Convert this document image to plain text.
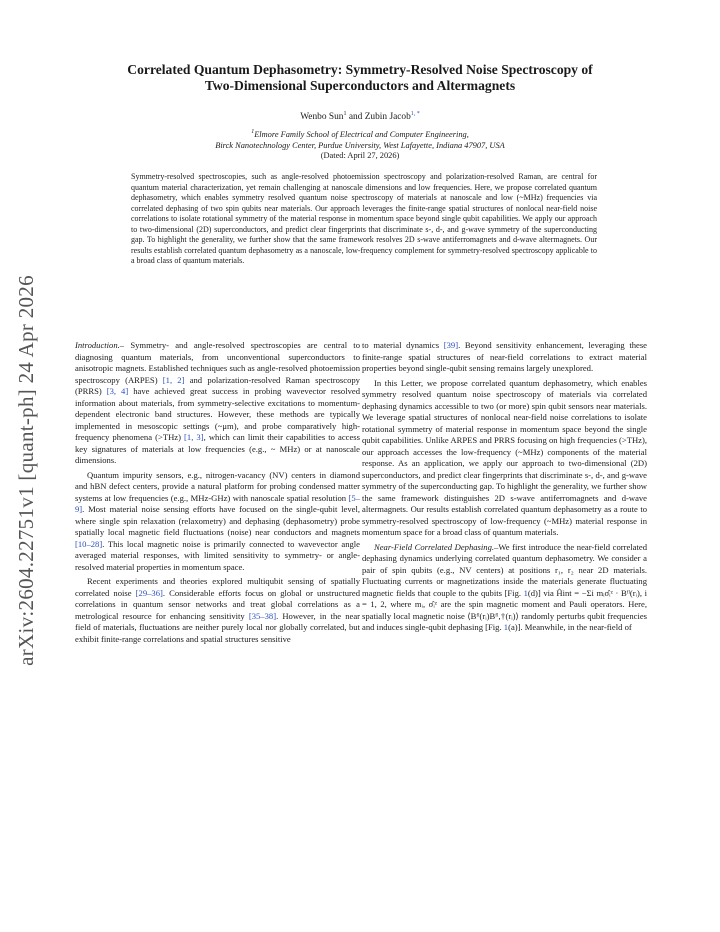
arXiv:2604.22751v1 [quant-ph] 24 Apr 2026
Correlated Quantum Dephasometry: Symmetry-Resolved Noise Spectroscopy of
Two-Dimensional Superconductors and Altermagnets
Wenbo Sun$^1$ and Zubin Jacob$^{1, *}$
$^1$Elmore Family School of Electrical and Computer Engineering,
Birck Nanotechnology Center, Purdue University, West Lafayette, Indiana 47907, USA
(Dated: April 27, 2026)
Symmetry-resolved spectroscopies, such as angle-resolved photoemission spectroscopy and polarization-resolved Raman, are central for quantum material characterization, yet remain challenging at nanoscale dimensions and low frequencies. Here, we propose correlated quantum dephasometry, which enables symmetry resolved quantum noise spectroscopy of materials at nanoscale and low (~MHz) frequencies via correlated dephasing of two spin qubits near materials. Our approach leverages the finite-range spatial structures of nonlocal near-field noise correlations to isolate rotational symmetry of the material response in momentum space beyond single qubit capabilities. We apply our approach to two-dimensional (2D) superconductors, and predict clear fingerprints that discriminate s-, d-, and g-wave symmetry of the superconducting gap. To highlight the generality, we further show that the same framework resolves 2D s-wave antiferromagnets and d-wave altermagnets. Our results establish correlated quantum dephasometry as a nanoscale, low-frequency complement for symmetry-resolved spectroscopy applicable to a broad class of quantum materials.

Introduction.– Symmetry- and angle-resolved spectroscopies are central to diagnosing quantum materials, from unconventional superconductors to anisotropic magnets. Established techniques such as angle-resolved photoemission spectroscopy (ARPES) [1, 2] and polarization-resolved Raman spectroscopy (PRRS) [3, 4] have achieved great success in probing wavevector resolved information about materials, from symmetry-selective excitations to momentum-dependent electronic band structures. However, these methods are typically implemented in mesoscopic settings (~μm), and probe comparatively high-frequency phenomena (>THz) [1, 3], which can limit their capabilities to access key signatures of materials at low frequencies (e.g., ~ MHz) or at nanoscale dimensions.

Quantum impurity sensors, e.g., nitrogen-vacancy (NV) centers in diamond and hBN defect centers, provide a natural platform for probing condensed matter systems at low frequencies (e.g., MHz-GHz) with nanoscale spatial resolution [5–9]. Most material noise sensing efforts have focused on the single-qubit level, where single spin relaxation (relaxometry) and dephasing (dephasometry) probe spatially local magnetic field fluctuations (noise) near conductors and magnets [10–28]. This local magnetic noise is primarily connected to wavevector angle averaged material responses, with limited sensitivity to symmetry- or angle-resolved material properties in momentum space.

Recent experiments and theories explored multiqubit sensing of spatially correlated noise [29–36]. Considerable efforts focus on global or unstructured correlations in quantum sensor networks and treat global correlations as a metrological resource for enhancing sensitivity [35–38]. However, in the near field of materials, fluctuations are neither purely local nor globally correlated, but exhibit finite-range correlations and spatial structures sensitive

to material dynamics [39]. Beyond sensitivity enhancement, leveraging these finite-range spatial structures of near-field correlations to extract material properties beyond single-qubit sensing remains largely unexplored.

In this Letter, we propose correlated quantum dephasometry, which enables symmetry resolved quantum noise spectroscopy of materials via correlated dephasing dynamics accessible to two (or more) spin qubit sensors near materials. We leverage spatial structures of nonlocal near-field noise correlations to isolate rotational symmetry of material response in momentum space beyond the single qubit capabilities. Unlike ARPES and PRRS focusing on high frequencies (>THz), our approach accesses the low-frequency (~MHz) components of the material response. As an application, we apply our approach to two-dimensional (2D) superconductors, and predict clear fingerprints that discriminate s-, d-, and g-wave symmetry of the superconducting gap. To highlight the generality, we further show the same framework distinguishes 2D s-wave antiferromagnets and d-wave altermagnets. Our results establish correlated quantum dephasometry as a route to symmetry-resolved spectroscopy of low-frequency (~MHz) material response in momentum space for a broad class of quantum materials.

Near-Field Correlated Dephasing.–We first introduce the near-field correlated dephasing dynamics underlying correlated quantum dephasometry. We consider a pair of spin qubits (e.g., NV centers) at positions r₁, r₂ near 2D materials. Fluctuating currents or magnetizations inside the materials generate fluctuating magnetic fields that couple to the qubits [Fig. 1(d)] via Ĥint = −Σi mᵢσ̂ᵢᶻ · Bᶠˡ(rᵢ), i = 1, 2, where mᵢ, σ̂ᵢᶻ are the spin magnetic moment and Pauli operators. Here, spatially local magnetic noise ⟨Bᶠˡ(rᵢ)Bᶠˡ,†(rᵢ)⟩ randomly perturbs qubit frequencies and induces single-qubit dephasing [Fig. 1(a)]. Meanwhile, in the near-field of
